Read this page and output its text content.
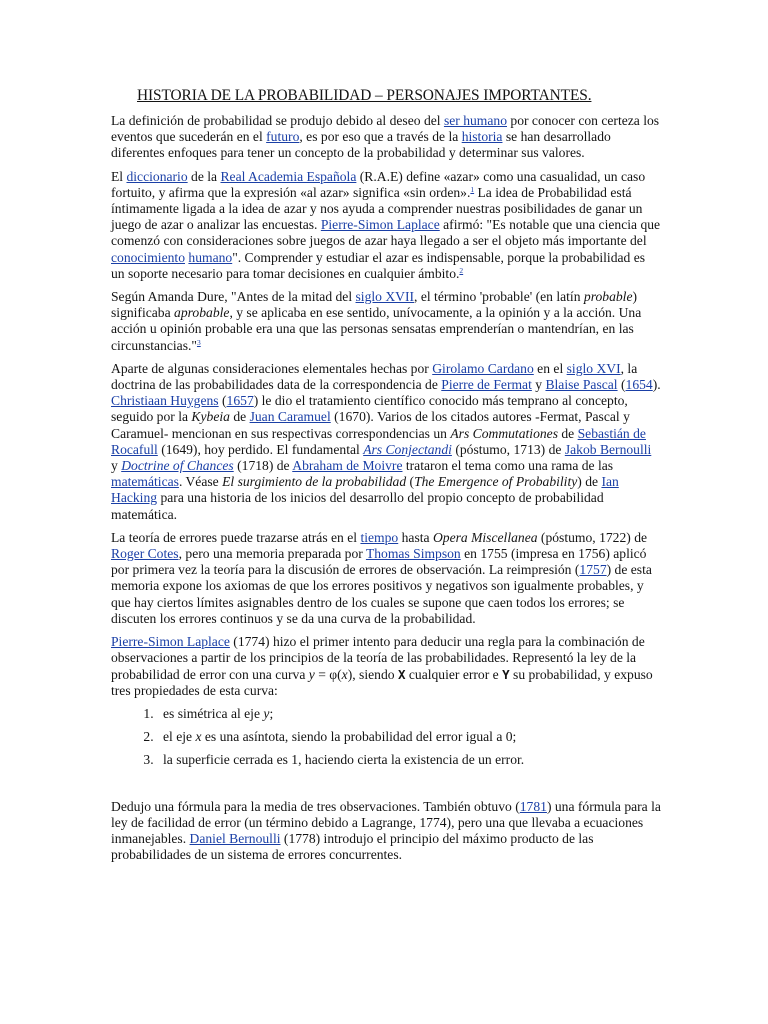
HISTORIA DE LA PROBABILIDAD – PERSONAJES IMPORTANTES.

La definición de probabilidad se produjo debido al deseo del ser humano por conocer con certeza los eventos que sucederán en el futuro, es por eso que a través de la historia se han desarrollado diferentes enfoques para tener un concepto de la probabilidad y determinar sus valores.

El diccionario de la Real Academia Española (R.A.E) define «azar» como una casualidad, un caso fortuito, y afirma que la expresión «al azar» significa «sin orden».$^1$ La idea de Probabilidad está íntimamente ligada a la idea de azar y nos ayuda a comprender nuestras posibilidades de ganar un juego de azar o analizar las encuestas. Pierre-Simon Laplace afirmó: "Es notable que una ciencia que comenzó con consideraciones sobre juegos de azar haya llegado a ser el objeto más importante del conocimiento humano". Comprender y estudiar el azar es indispensable, porque la probabilidad es un soporte necesario para tomar decisiones en cualquier ámbito.$^2$

Según Amanda Dure, "Antes de la mitad del siglo XVII, el término 'probable' (en latín probable) significaba aprobable, y se aplicaba en ese sentido, unívocamente, a la opinión y a la acción. Una acción u opinión probable era una que las personas sensatas emprenderían o mantendrían, en las circunstancias."$^3$

Aparte de algunas consideraciones elementales hechas por Girolamo Cardano en el siglo XVI, la doctrina de las probabilidades data de la correspondencia de Pierre de Fermat y Blaise Pascal (1654). Christiaan Huygens (1657) le dio el tratamiento científico conocido más temprano al concepto, seguido por la Kybeia de Juan Caramuel (1670). Varios de los citados autores -Fermat, Pascal y Caramuel- mencionan en sus respectivas correspondencias un Ars Commutationes de Sebastián de Rocafull (1649), hoy perdido. El fundamental Ars Conjectandi (póstumo, 1713) de Jakob Bernoulli y Doctrine of Chances (1718) de Abraham de Moivre trataron el tema como una rama de las matemáticas. Véase El surgimiento de la probabilidad (The Emergence of Probability) de Ian Hacking para una historia de los inicios del desarrollo del propio concepto de probabilidad matemática.

La teoría de errores puede trazarse atrás en el tiempo hasta Opera Miscellanea (póstumo, 1722) de Roger Cotes, pero una memoria preparada por Thomas Simpson en 1755 (impresa en 1756) aplicó por primera vez la teoría para la discusión de errores de observación. La reimpresión (1757) de esta memoria expone los axiomas de que los errores positivos y negativos son igualmente probables, y que hay ciertos límites asignables dentro de los cuales se supone que caen todos los errores; se discuten los errores continuos y se da una curva de la probabilidad.

Pierre-Simon Laplace (1774) hizo el primer intento para deducir una regla para la combinación de observaciones a partir de los principios de la teoría de las probabilidades. Representó la ley de la probabilidad de error con una curva y = φ(x), siendo X cualquier error e Y su probabilidad, y expuso tres propiedades de esta curva:

1. es simétrica al eje y;
2. el eje x es una asíntota, siendo la probabilidad del error igual a 0;
3. la superficie cerrada es 1, haciendo cierta la existencia de un error.

Dedujo una fórmula para la media de tres observaciones. También obtuvo (1781) una fórmula para la ley de facilidad de error (un término debido a Lagrange, 1774), pero una que llevaba a ecuaciones inmanejables. Daniel Bernoulli (1778) introdujo el principio del máximo producto de las probabilidades de un sistema de errores concurrentes.
